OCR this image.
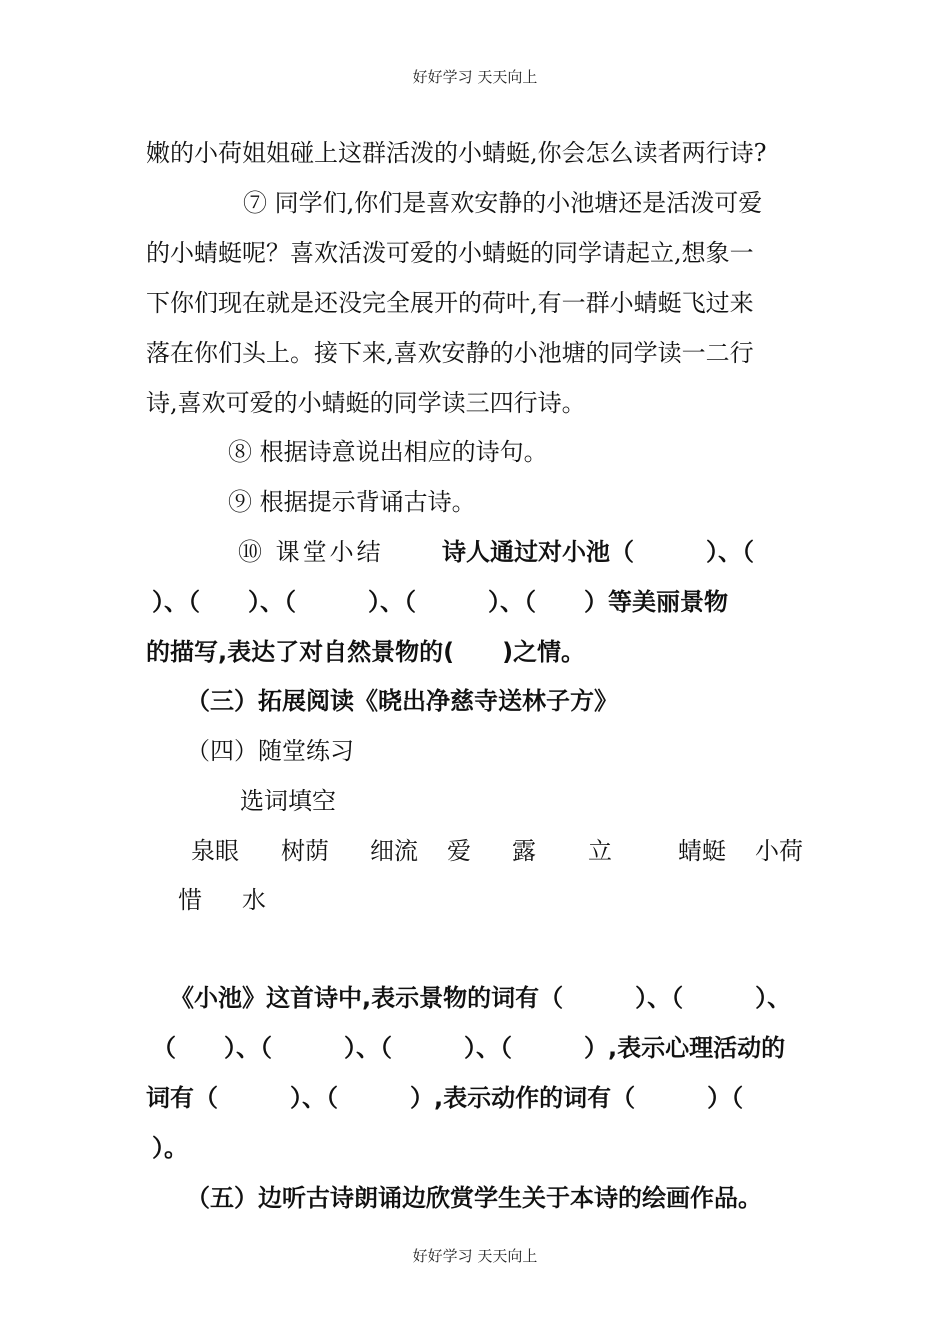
好好学习 天天向上
嫩的小荷姐姐碰上这群活泼的小蜻蜓,你会怎么读者两行诗?
⑦ 同学们,你们是喜欢安静的小池塘还是活泼可爱
的小蜻蜓呢？喜欢活泼可爱的小蜻蜓的同学请起立,想象一
下你们现在就是还没完全展开的荷叶,有一群小蜻蜓飞过来
落在你们头上。接下来,喜欢安静的小池塘的同学读一二行
诗,喜欢可爱的小蜻蜓的同学读三四行诗。
⑧ 根据诗意说出相应的诗句。
⑨ 根据提示背诵古诗。
⑩ 课堂小结 诗人通过对小池（　　　）、（
）、（　　）、（　　　）、（　　　）、（　　）等美丽景物
的描写,表达了对自然景物的(　　)之情。
（三）拓展阅读《晓出净慈寺送林子方》
（四）随堂练习
选词填空
泉眼 树荫 细流 爱 露 立	蜻蜓 小荷
惜 水
《小池》这首诗中,表示景物的词有（　　　）、（　　　）、
（　　）、（　　　）、（　　　）、（　　　）,表示心理活动的
词有（　　　）、（　　　）,表示动作的词有（　　　）（
）。
（五）边听古诗朗诵边欣赏学生关于本诗的绘画作品。
好好学习 天天向上
